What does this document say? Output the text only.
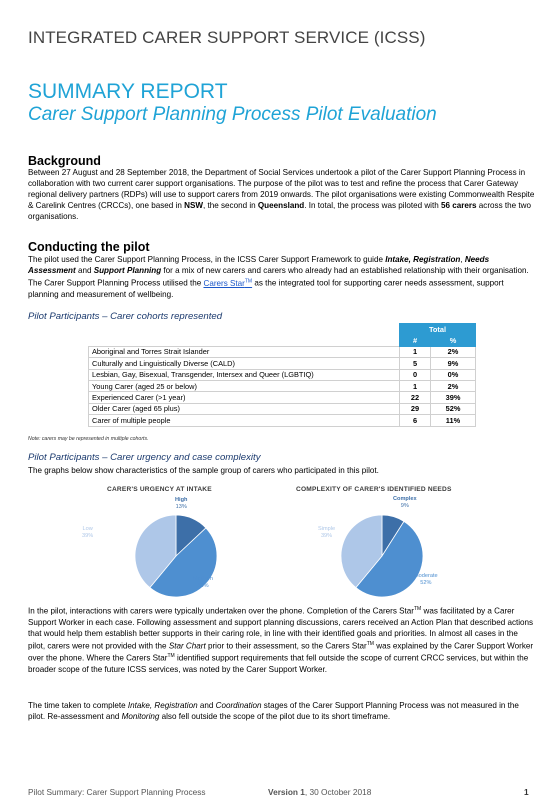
INTEGRATED CARER SUPPORT SERVICE (ICSS)
SUMMARY REPORT
Carer Support Planning Process Pilot Evaluation
Background
Between 27 August and 28 September 2018, the Department of Social Services undertook a pilot of the Carer Support Planning Process in collaboration with two current carer support organisations. The purpose of the pilot was to test and refine the process that Carer Gateway regional delivery partners (RDPs) will use to support carers from 2019 onwards. The pilot organisations were existing Commonwealth Respite & Carelink Centres (CRCCs), one based in NSW, the second in Queensland. In total, the process was piloted with 56 carers across the two organisations.
Conducting the pilot
The pilot used the Carer Support Planning Process, in the ICSS Carer Support Framework to guide Intake, Registration, Needs Assessment and Support Planning for a mix of new carers and carers who already had an established relationship with their organisation. The Carer Support Planning Process utilised the Carers Star™ as the integrated tool for supporting carer needs assessment, support planning and measurement of wellbeing.
Pilot Participants – Carer cohorts represented
	Total	
	#	%
Aboriginal and Torres Strait Islander	1	2%
Culturally and Linguistically Diverse (CALD)	5	9%
Lesbian, Gay, Bisexual, Transgender, Intersex and Queer (LGBTIQ)	0	0%
Young Carer (aged 25 or below)	1	2%
Experienced Carer (>1 year)	22	39%
Older Carer (aged 65 plus)	29	52%
Carer of multiple people	6	11%
Note: carers may be represented in multiple cohorts.
Pilot Participants – Carer urgency and case complexity
The graphs below show characteristics of the sample group of carers who participated in this pilot.
CARER'S URGENCY AT INTAKE
High
13%
Low
39%
Medium
48%
COMPLEXITY OF CARER'S IDENTIFIED NEEDS
Complex
9%
Simple
39%
Moderate
52%
In the pilot, interactions with carers were typically undertaken over the phone. Completion of the Carers Star™ was facilitated by a Carer Support Worker in each case. Following assessment and support planning discussions, carers received an Action Plan that described actions that would help them establish better supports in their caring role, in line with their identified goals and priorities. In almost all cases in the pilot, carers were not provided with the Star Chart prior to their assessment, so the Carers Star™ was explained by the Carer Support Worker over the phone. Where the Carers Star™ identified support requirements that fell outside the scope of current CRCC services, but within the broader scope of the future ICSS services, was noted by the Carer Support Worker.
The time taken to complete Intake, Registration and Coordination stages of the Carer Support Planning Process was not measured in the pilot. Re-assessment and Monitoring also fell outside the scope of the pilot due to its short timeframe.
Pilot Summary: Carer Support Planning Process	Version 1, 30 October 2018	1
